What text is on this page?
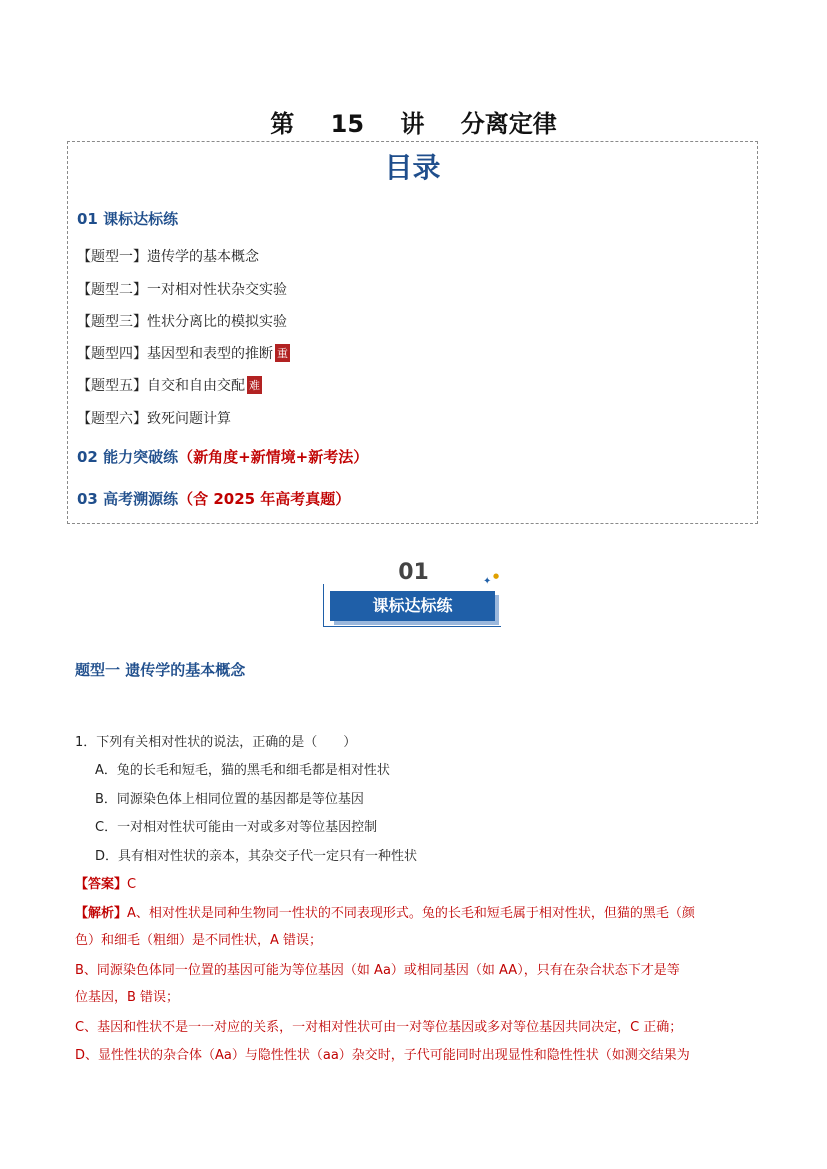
第 15 讲 分离定律
目录
01 课标达标练
【题型一】遗传学的基本概念
【题型二】一对相对性状杂交实验
【题型三】性状分离比的模拟实验
【题型四】基因型和表型的推断 重
【题型五】自交和自由交配 难
【题型六】致死问题计算
02 能力突破练（新角度+新情境+新考法）
03 高考溯源练（含 2025 年高考真题）
01
课标达标练
✦ ●
题型一 遗传学的基本概念
1．下列有关相对性状的说法，正确的是（　　）
A．兔的长毛和短毛，猫的黑毛和细毛都是相对性状
B．同源染色体上相同位置的基因都是等位基因
C．一对相对性状可能由一对或多对等位基因控制
D．具有相对性状的亲本，其杂交子代一定只有一种性状
【答案】C
【解析】A、相对性状是同种生物同一性状的不同表现形式。兔的长毛和短毛属于相对性状，但猫的黑毛（颜
色）和细毛（粗细）是不同性状，A 错误；
B、同源染色体同一位置的基因可能为等位基因（如 Aa）或相同基因（如 AA），只有在杂合状态下才是等
位基因，B 错误；
C、基因和性状不是一一对应的关系，一对相对性状可由一对等位基因或多对等位基因共同决定，C 正确；
D、显性性状的杂合体（Aa）与隐性性状（aa）杂交时，子代可能同时出现显性和隐性性状（如测交结果为
